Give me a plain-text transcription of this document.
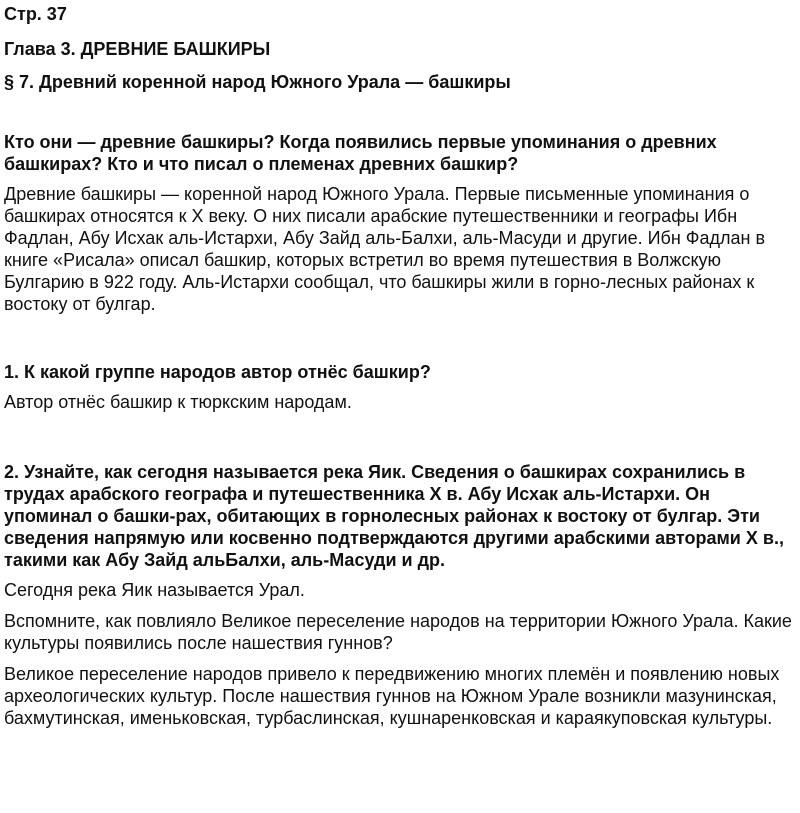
Стр. 37

Глава 3. ДРЕВНИЕ БАШКИРЫ

§ 7. Древний коренной народ Южного Урала — башкиры

Кто они — древние башкиры? Когда появились первые упоминания о древних башкирах? Кто и что писал о племенах древних башкир?

Древние башкиры — коренной народ Южного Урала. Первые письменные упоминания о башкирах относятся к X веку. О них писали арабские путешественники и географы Ибн Фадлан, Абу Исхак аль-Истархи, Абу Зайд аль-Балхи, аль-Масуди и другие. Ибн Фадлан в книге «Рисала» описал башкир, которых встретил во время путешествия в Волжскую Булгарию в 922 году. Аль-Истархи сообщал, что башкиры жили в горно-лесных районах к востоку от булгар.

1. К какой группе народов автор отнёс башкир?

Автор отнёс башкир к тюркским народам.

2. Узнайте, как сегодня называется река Яик. Сведения о башкирах сохранились в трудах арабского географа и путешественника X в. Абу Исхак аль-Истархи. Он упоминал о башки-рах, обитающих в горнолесных районах к востоку от булгар. Эти сведения напрямую или косвенно подтверждаются другими арабскими авторами X в., такими как Абу Зайд альБалхи, аль-Масуди и др.

Сегодня река Яик называется Урал.

Вспомните, как повлияло Великое переселение народов на территории Южного Урала. Какие культуры появились после нашествия гуннов?

Великое переселение народов привело к передвижению многих племён и появлению новых археологических культур. После нашествия гуннов на Южном Урале возникли мазунинская, бахмутинская, именьковская, турбаслинская, кушнаренковская и караякуповская культуры.
